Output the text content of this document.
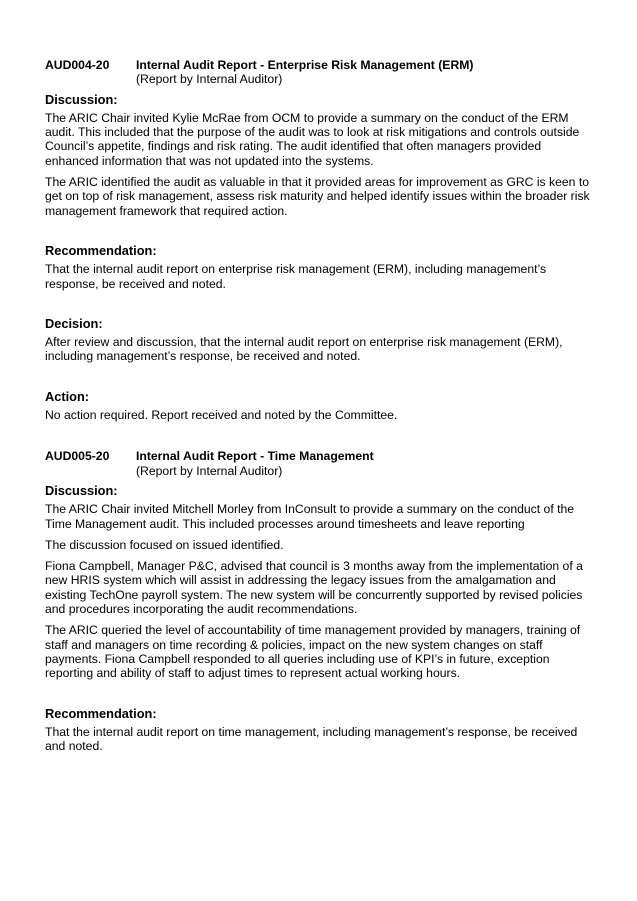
AUD004-20	Internal Audit Report - Enterprise Risk Management (ERM)
(Report by Internal Auditor)
Discussion:

The ARIC Chair invited Kylie McRae from OCM to provide a summary on the conduct of the ERM audit. This included that the purpose of the audit was to look at risk mitigations and controls outside Council’s appetite, findings and risk rating. The audit identified that often managers provided enhanced information that was not updated into the systems.

The ARIC identified the audit as valuable in that it provided areas for improvement as GRC is keen to get on top of risk management, assess risk maturity and helped identify issues within the broader risk management framework that required action.

Recommendation:

That the internal audit report on enterprise risk management (ERM), including management’s response, be received and noted.

Decision:

After review and discussion, that the internal audit report on enterprise risk management (ERM), including management’s response, be received and noted.

Action:

No action required. Report received and noted by the Committee.

AUD005-20	Internal Audit Report - Time Management
(Report by Internal Auditor)
Discussion:

The ARIC Chair invited Mitchell Morley from InConsult to provide a summary on the conduct of the Time Management audit. This included processes around timesheets and leave reporting

The discussion focused on issued identified.

Fiona Campbell, Manager P&C, advised that council is 3 months away from the implementation of a new HRIS system which will assist in addressing the legacy issues from the amalgamation and existing TechOne payroll system. The new system will be concurrently supported by revised policies and procedures incorporating the audit recommendations.

The ARIC queried the level of accountability of time management provided by managers, training of staff and managers on time recording & policies, impact on the new system changes on staff payments. Fiona Campbell responded to all queries including use of KPI’s in future, exception reporting and ability of staff to adjust times to represent actual working hours.

Recommendation:

That the internal audit report on time management, including management’s response, be received and noted.
